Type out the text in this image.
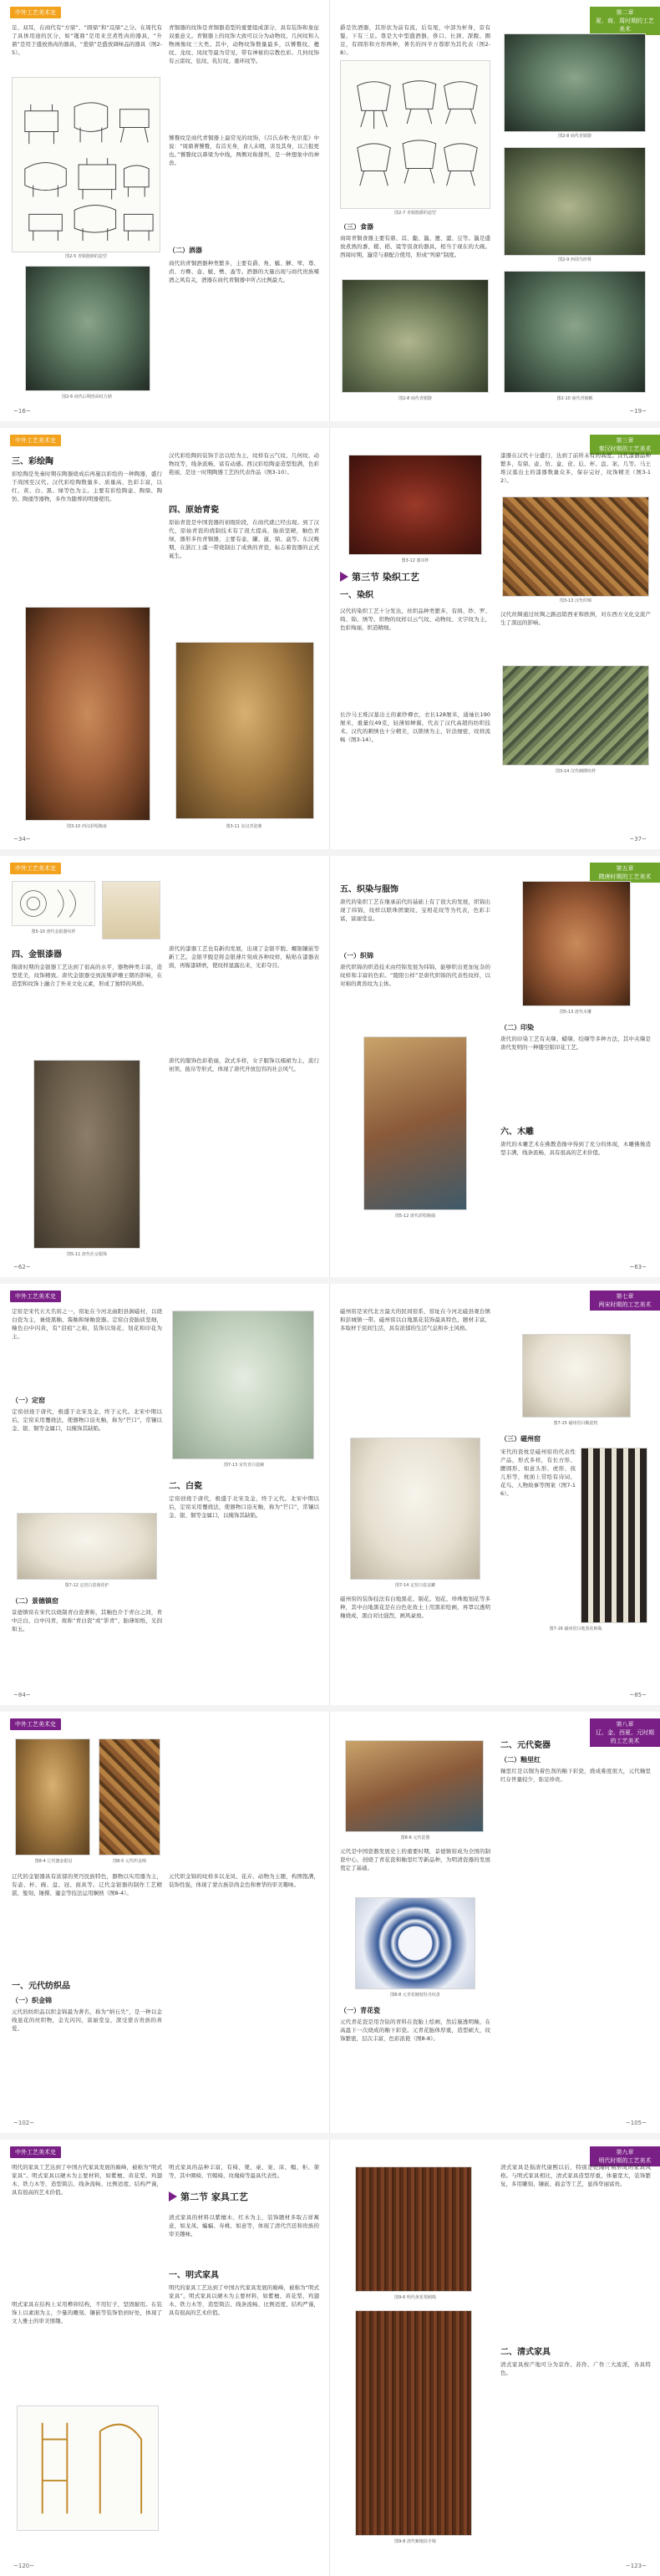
中外工艺美术史
足、双耳，在商代有“方鼎”、“圆鼎”和“鬲鼎”之分。在周代有了具体用途的区分，如“镬鼎”是用来烹煮牲肉的器具，“升鼎”是用于盛放熟肉的器具，“羞鼎”是盛放调味品的器具（图2-5）。
图2-5 青铜器鼎的造型
图2-6 商代后期兽面纹方鼎
青铜器的纹饰是青铜器造型的重要组成部分，具有装饰和象征双重意义。青铜器上的纹饰大致可以分为动物纹、几何纹和人物画像纹三大类。其中，动物纹饰数量最多，以饕餮纹、夔纹、龙纹、凤纹等最为常见，带有神秘的宗教色彩。几何纹饰有云雷纹、弦纹、乳钉纹、重环纹等。
饕餮纹是商代青铜器上最常见的纹饰，《吕氏春秋·先识览》中说：“周鼎著饕餮，有首无身，食人未咽，害及其身，以言报更也。”饕餮纹以鼻梁为中线，两侧对称排列，是一种想象中的神兽。
（二）酒器
商代的青铜酒器种类繁多，主要有爵、角、觚、觯、斝、尊、卣、方彝、壶、觥、罍、盉等。酒器的大量出现与商代贵族嗜酒之风有关，酒器在商代青铜器中所占比例最大。
~16~
第二章
夏、商、周时期的工艺美术
爵是饮酒器，其形状为前有流，后有尾，中部为杯身，旁有鋬，下有三足。尊是大中型盛酒器，侈口、长颈、深腹、圈足，有圆形和方形两种，著名的四羊方尊即为其代表（图2-8）。
图2-7 青铜器爵的造型
（三）食器
商周青铜食器主要有鼎、鬲、甗、簋、簠、盨、豆等。簋是盛放煮熟的黍、稷、稻、粱等饭食的器具，相当于现在的大碗。西周时期，簋常与鼎配合使用，形成“列鼎”制度。
图2-8 商代青铜器
图2-8 商代青铜器
图2-9 西周鸟形尊
图2-10 商代青铜觥
~19~
中外工艺美术史
三、彩绘陶
彩绘陶是先秦时期在陶器烧成后再施以彩绘的一种陶器，盛行于战国至汉代。汉代彩绘陶数量多、质量高、色彩丰富，以红、黄、白、黑、绿等色为主。主要有彩绘陶壶、陶鼎、陶钫、陶俑等器物，多作为随葬的明器使用。
图3-10 西汉彩绘陶壶
汉代彩绘陶的装饰手法以绘为主，纹样有云气纹、几何纹、动物纹等，线条流畅，富有动感。西汉彩绘陶壶造型饱满，色彩艳丽，是这一时期陶器工艺的代表作品（图3-10）。
四、原始青瓷
原始青瓷是中国瓷器的初级阶段，在商代就已经出现。到了汉代，原始青瓷的烧制技术有了很大提高，胎质坚硬，釉色青绿，器形多仿青铜器，主要有壶、罐、瓿、鼎、盒等。东汉晚期，在浙江上虞一带烧制出了成熟的青瓷，标志着瓷器的正式诞生。
图3-11 东汉青瓷鼎
~34~
第三章
秦汉时期的工艺美术
图3-12 漆耳杯
第三节 染织工艺
一、染织
汉代的染织工艺十分发达，丝织品种类繁多，有绢、纱、罗、绮、锦、绣等。织物的纹样以云气纹、动物纹、文字纹为主，色彩绚丽，织造精细。
长沙马王堆汉墓出土的素纱襌衣，衣长128厘米，通袖长190厘米，重量仅49克，轻薄如蝉翼，代表了汉代高超的纺织技术。汉代的刺绣也十分精美，以锁绣为主，针法细密，纹样流畅（图3-14）。
漆器在汉代十分盛行，达到了前所未有的高度。汉代漆器品种繁多，有鼎、壶、钫、盒、奁、卮、杯、盘、案、几等。马王堆汉墓出土的漆器数量众多，保存完好，纹饰精美（图3-12）。
图3-13 汉代织锦
汉代丝绸通过丝绸之路远销西亚和欧洲，对东西方文化交流产生了深远的影响。
图3-14 汉代刺绣纹样
~37~
中外工艺美术史
图5-10 唐代金银器纹样
四、金银漆器
隋唐时期的金银器工艺达到了很高的水平，器物种类丰富，造型优美，纹饰精致。唐代金银器受到波斯萨珊王朝的影响，在造型和纹饰上融合了外来文化元素，形成了独特的风格。
图5-11 唐代仕女服饰
唐代的漆器工艺也有新的发展，出现了金银平脱、螺钿镶嵌等新工艺。金银平脱是将金银薄片刻成各种纹样，粘贴在漆器表面，再髹漆研磨，使纹样显露出来，光彩夺目。
唐代的服饰色彩艳丽，款式多样，女子服饰以襦裙为主，流行袒领、披帛等形式，体现了唐代开放包容的社会风气。
~62~
第五章
隋唐时期的工艺美术
五、织染与服饰
唐代的染织工艺在继承前代的基础上有了很大的发展，织锦出现了纬锦，纹样以联珠团窠纹、宝相花纹等为代表，色彩丰富，富丽堂皇。
（一）织锦
唐代织锦的织造技术由经锦发展为纬锦，能够织出更加复杂的纹样和丰富的色彩。“陵阳公样”是唐代织锦的代表性纹样，以对称的禽兽纹为主体。
图5-12 唐代彩绘陶俑
图5-13 唐代木雕
（二）印染
唐代的印染工艺有夹缬、蜡缬、绞缬等多种方法，其中夹缬是唐代发明的一种镂空版印花工艺。
六、木雕
唐代的木雕艺术在佛教造像中得到了充分的体现，木雕佛像造型丰满，线条流畅，具有很高的艺术价值。
~63~
中外工艺美术史
定窑是宋代五大名窑之一，窑址在今河北曲阳县涧磁村，以烧白瓷为主，兼烧黑釉、酱釉和绿釉瓷器。定窑白瓷胎质坚细，釉色白中闪黄，有“泪痕”之称，装饰以刻花、划花和印花为主。
（一）定窑
定窑创烧于唐代，极盛于北宋及金，终于元代。北宋中期以后，定窑采用覆烧法，使器物口沿无釉，称为“芒口”，常镶以金、银、铜等金属口，以掩饰其缺陷。
图7-12 定窑白瓷刻花炉
（二）景德镇窑
景德镇窑在宋代以烧制青白瓷著称，其釉色介于青白之间，青中泛白，白中闪青，故称“青白瓷”或“影青”，胎薄如纸，光润如玉。
图7-13 宋代青白瓷碗
二、白瓷
定窑创烧于唐代，极盛于北宋及金，终于元代。北宋中期以后，定窑采用覆烧法，使器物口沿无釉，称为“芒口”，常镶以金、银、铜等金属口，以掩饰其缺陷。
~84~
第七章
两宋时期的工艺美术
磁州窑是宋代北方最大的民间窑系，窑址在今河北磁县观台镇和彭城镇一带。磁州窑以白地黑花装饰最具特色，题材丰富，多取材于民间生活，具有浓郁的生活气息和乡土风格。
图7-14 定窑白瓷盖罐
磁州窑的装饰技法有白地黑花、剔花、划花、珍珠地划花等多种，其中白地黑花是在白色化妆土上用黑彩绘画，再罩以透明釉烧成，黑白对比强烈，画风豪放。
图7-15 磁州窑白釉瓷枕
（三）磁州窑
宋代的瓷枕是磁州窑的代表性产品，形式多样，有长方形、腰圆形、如意头形、虎形、孩儿形等，枕面上常绘有诗词、花鸟、人物故事等图案（图7-16）。
图7-16 磁州窑白地黑花梅瓶
~85~
中外工艺美术史
图8-4 辽代鎏金银冠	图8-5 元代织金锦
辽代的金银器具有浓郁的契丹民族特色，器物以实用器为主，有壶、杯、碗、盘、冠、面具等。辽代金银器的制作工艺精湛，錾刻、锤揲、鎏金等技法运用娴熟（图8-4）。
一、元代纺织品
（一）织金锦
元代的纺织品以织金锦最为著名，称为“纳石失”，是一种以金线显花的丝织物，金光闪闪，富丽堂皇，深受蒙古贵族的喜爱。
元代织金锦的纹样多以龙凤、花卉、动物为主题，构图饱满，装饰性强，体现了蒙古族崇尚金色和奢华的审美趣味。
~102~
第八章
辽、金、西夏、元时期的工艺美术
图8-6 元代瓷器
元代是中国瓷器发展史上的重要时期，景德镇窑成为全国的制瓷中心，创烧了青花瓷和釉里红等新品种，为明清瓷器的发展奠定了基础。
图8-8 元青花缠枝牡丹纹盘
（一）青花瓷
元代青花瓷是用含钴的青料在瓷胎上绘画，然后施透明釉，在高温下一次烧成的釉下彩瓷。元青花胎体厚重，造型硕大，纹饰繁密，层次丰富，色彩浓艳（图8-8）。
二、元代瓷器
（二）釉里红
釉里红是以铜为着色剂的釉下彩瓷，烧成难度很大，元代釉里红存世量较少，弥足珍贵。
~105~
中外工艺美术史
明代的家具工艺达到了中国古代家具发展的巅峰，被称为“明式家具”。明式家具以硬木为主要材料，如紫檀、黄花梨、鸡翅木、铁力木等，造型简洁、线条流畅、比例适度、结构严谨，具有很高的艺术价值。
明式家具在结构上采用榫卯结构，不用钉子，坚固耐用。在装饰上以素面为主，少量的雕刻、镶嵌等装饰恰到好处，体现了文人雅士的审美情趣。
明式家具的品种丰富，有椅、凳、桌、案、床、榻、柜、架等，其中圈椅、官帽椅、玫瑰椅等最具代表性。
第二节 家具工艺
清式家具的材料以紫檀木、红木为主，装饰题材多取吉祥寓意，如龙凤、蝙蝠、寿桃、如意等，体现了清代宫廷和贵族的审美趣味。
一、明式家具
明代的家具工艺达到了中国古代家具发展的巅峰，被称为“明式家具”。明式家具以硬木为主要材料，如紫檀、黄花梨、鸡翅木、铁力木等，造型简洁、线条流畅、比例适度、结构严谨，具有很高的艺术价值。
~120~
第九章
明代时期的工艺美术
图9-6 明代黄花梨圈椅
图9-8 清代紫檀扶手椅
清式家具是指清代康熙以后，特别是乾隆时期形成的家具风格。与明式家具相比，清式家具造型厚重，体量宽大，装饰繁复，多用雕刻、镶嵌、描金等工艺，显得华丽富贵。
二、清式家具
清式家具按产地可分为京作、苏作、广作三大流派，各具特色。
~123~
